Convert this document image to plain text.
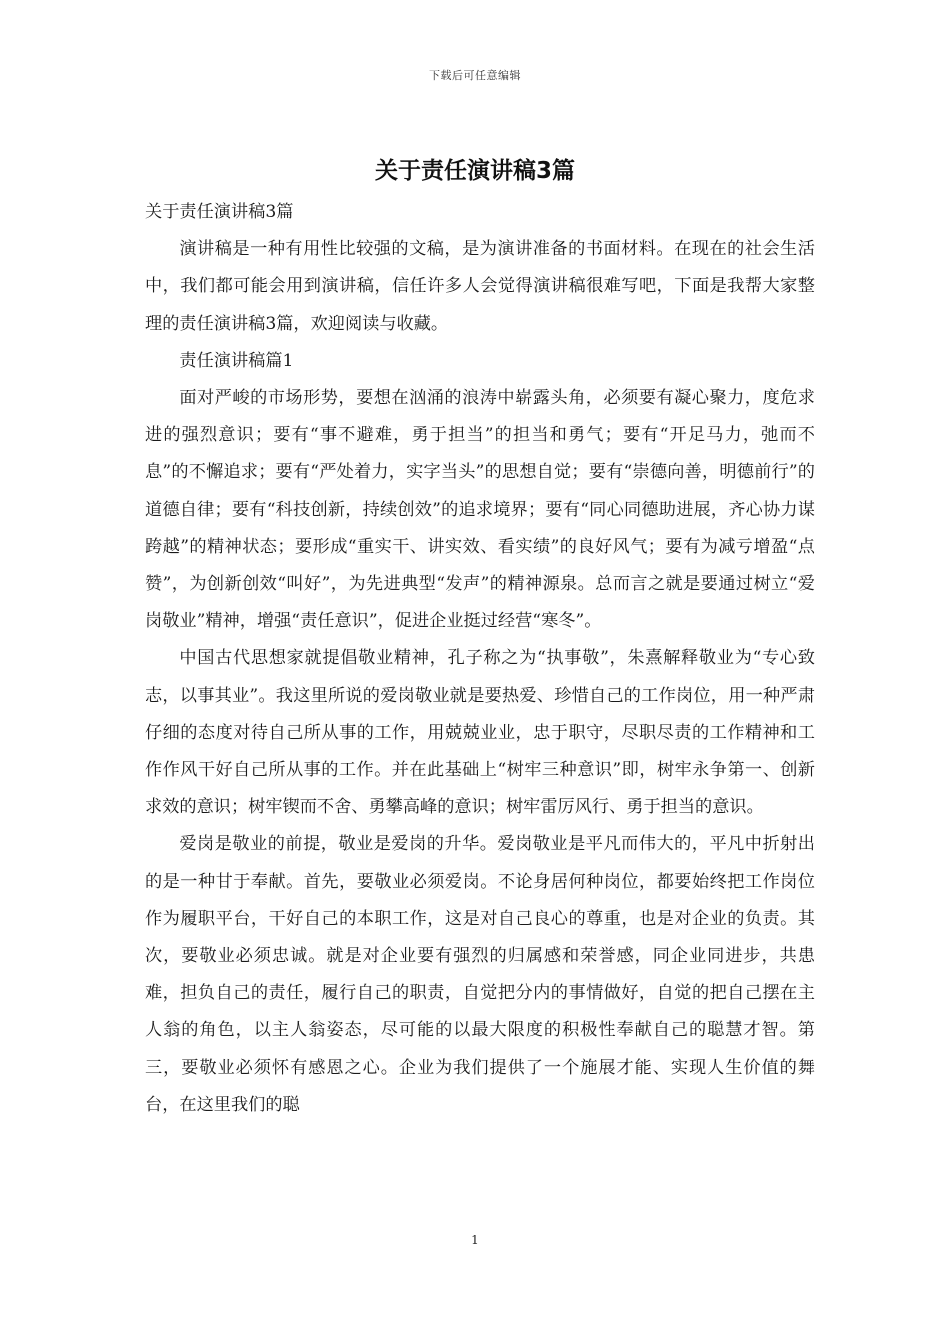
下载后可任意编辑
关于责任演讲稿3篇

关于责任演讲稿3篇

演讲稿是一种有用性比较强的文稿，是为演讲准备的书面材料。在现在的社会生活中，我们都可能会用到演讲稿，信任许多人会觉得演讲稿很难写吧，下面是我帮大家整理的责任演讲稿3篇，欢迎阅读与收藏。

责任演讲稿篇1

面对严峻的市场形势，要想在汹涌的浪涛中崭露头角，必须要有凝心聚力，度危求进的强烈意识；要有“事不避难，勇于担当”的担当和勇气；要有“开足马力，弛而不息”的不懈追求；要有“严处着力，实字当头”的思想自觉；要有“崇德向善，明德前行”的道德自律；要有“科技创新，持续创效”的追求境界；要有“同心同德助进展，齐心协力谋跨越”的精神状态；要形成“重实干、讲实效、看实绩”的良好风气；要有为减亏增盈“点赞”，为创新创效“叫好”，为先进典型“发声”的精神源泉。总而言之就是要通过树立“爱岗敬业”精神，增强“责任意识”，促进企业挺过经营“寒冬”。

中国古代思想家就提倡敬业精神，孔子称之为“执事敬”，朱熹解释敬业为“专心致志，以事其业”。我这里所说的爱岗敬业就是要热爱、珍惜自己的工作岗位，用一种严肃仔细的态度对待自己所从事的工作，用兢兢业业，忠于职守，尽职尽责的工作精神和工作作风干好自己所从事的工作。并在此基础上“树牢三种意识”即，树牢永争第一、创新求效的意识；树牢锲而不舍、勇攀高峰的意识；树牢雷厉风行、勇于担当的意识。

爱岗是敬业的前提，敬业是爱岗的升华。爱岗敬业是平凡而伟大的，平凡中折射出的是一种甘于奉献。首先，要敬业必须爱岗。不论身居何种岗位，都要始终把工作岗位作为履职平台，干好自己的本职工作，这是对自己良心的尊重，也是对企业的负责。其次，要敬业必须忠诚。就是对企业要有强烈的归属感和荣誉感，同企业同进步，共患难，担负自己的责任，履行自己的职责，自觉把分内的事情做好，自觉的把自己摆在主人翁的角色，以主人翁姿态，尽可能的以最大限度的积极性奉献自己的聪慧才智。第三，要敬业必须怀有感恩之心。企业为我们提供了一个施展才能、实现人生价值的舞台，在这里我们的聪

1
